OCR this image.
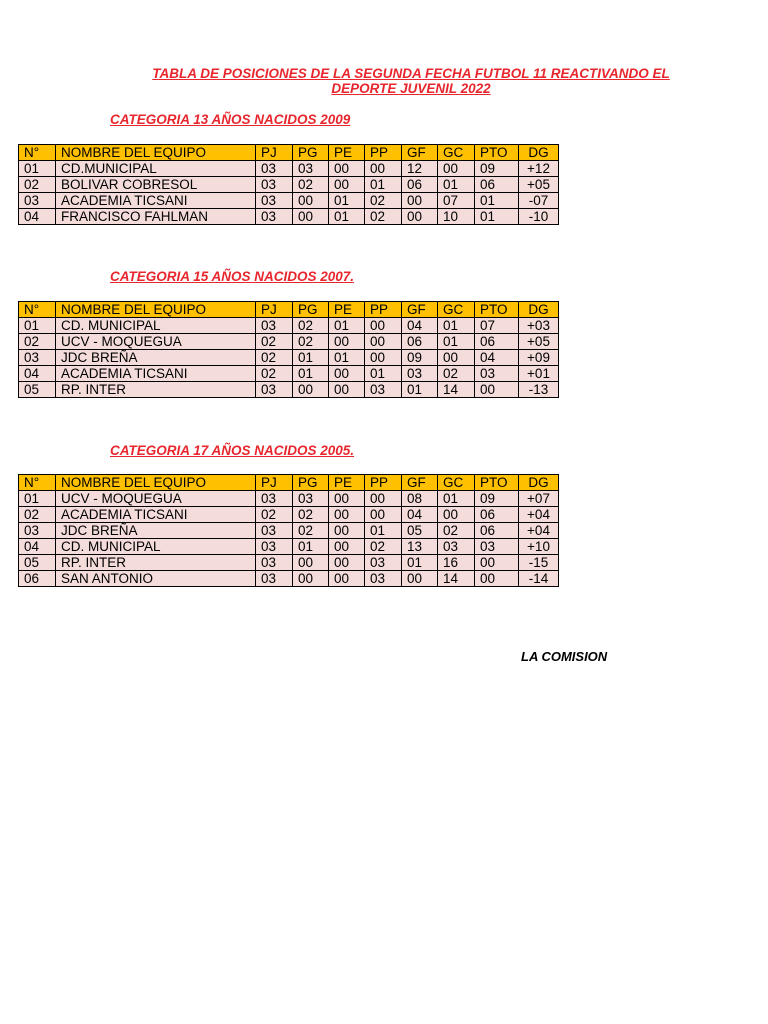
TABLA DE POSICIONES DE LA SEGUNDA FECHA FUTBOL 11 REACTIVANDO EL
DEPORTE JUVENIL 2022
CATEGORIA 13 AÑOS NACIDOS 2009
N°	NOMBRE DEL EQUIPO	PJ	PG	PE	PP	GF	GC	PTO	DG
01	CD.MUNICIPAL	03	03	00	00	12	00	09	+12
02	BOLIVAR COBRESOL	03	02	00	01	06	01	06	+05
03	ACADEMIA TICSANI	03	00	01	02	00	07	01	-07
04	FRANCISCO FAHLMAN	03	00	01	02	00	10	01	-10
CATEGORIA 15 AÑOS NACIDOS 2007.
N°	NOMBRE DEL EQUIPO	PJ	PG	PE	PP	GF	GC	PTO	DG
01	CD. MUNICIPAL	03	02	01	00	04	01	07	+03
02	UCV - MOQUEGUA	02	02	00	00	06	01	06	+05
03	JDC BREÑA	02	01	01	00	09	00	04	+09
04	ACADEMIA TICSANI	02	01	00	01	03	02	03	+01
05	RP. INTER	03	00	00	03	01	14	00	-13
CATEGORIA 17 AÑOS NACIDOS 2005.
N°	NOMBRE DEL EQUIPO	PJ	PG	PE	PP	GF	GC	PTO	DG
01	UCV - MOQUEGUA	03	03	00	00	08	01	09	+07
02	ACADEMIA TICSANI	02	02	00	00	04	00	06	+04
03	JDC BREÑA	03	02	00	01	05	02	06	+04
04	CD. MUNICIPAL	03	01	00	02	13	03	03	+10
05	RP. INTER	03	00	00	03	01	16	00	-15
06	SAN ANTONIO	03	00	00	03	00	14	00	-14
LA COMISION
